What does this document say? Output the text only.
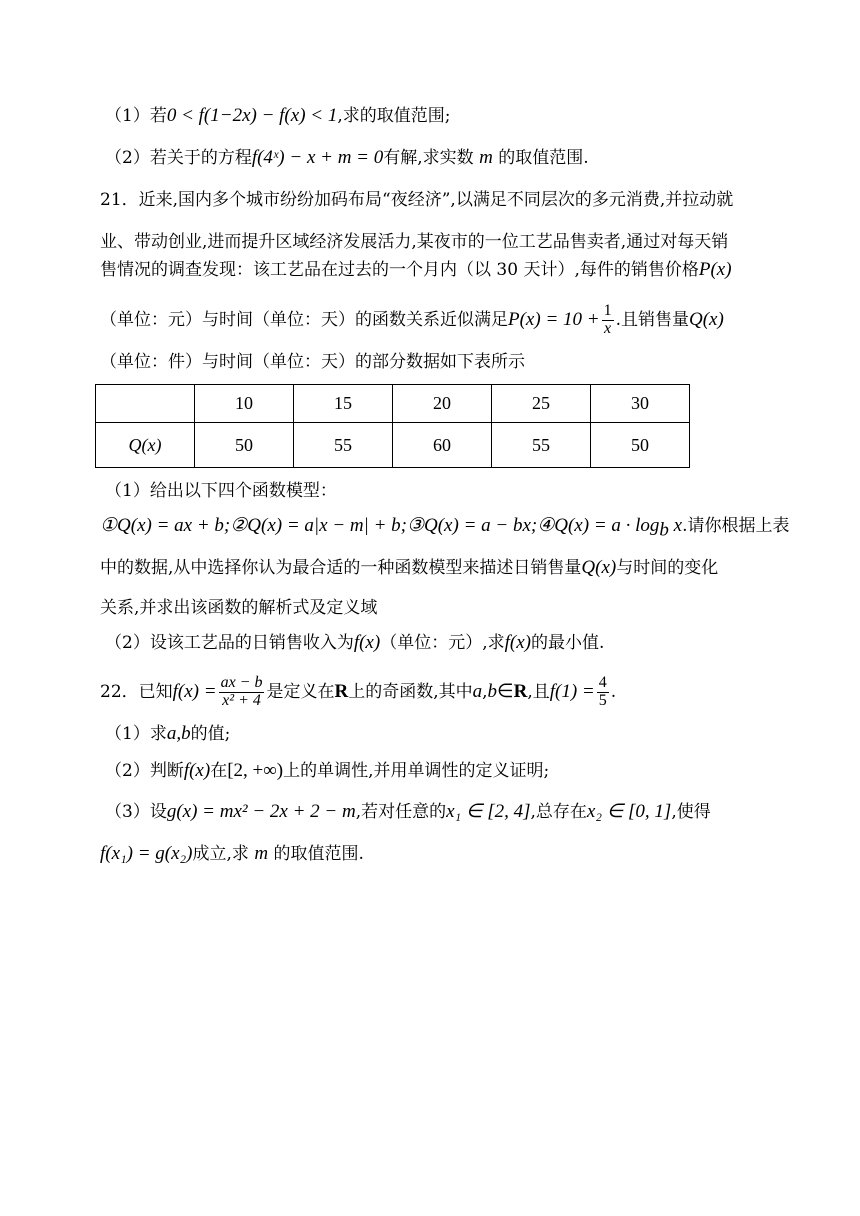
（1）若0 < f(1−2x) − f(x) < 1,求的取值范围;
（2）若关于的方程f(4ˣ) − x + m = 0有解,求实数 m 的取值范围.
21．近来,国内多个城市纷纷加码布局“夜经济”,以满足不同层次的多元消费,并拉动就
业、带动创业,进而提升区域经济发展活力,某夜市的一位工艺品售卖者,通过对每天销
售情况的调查发现：该工艺品在过去的一个月内（以 30 天计）,每件的销售价格P(x)
（单位：元）与时间（单位：天）的函数关系近似满足$P(x) = 10 + \frac{1}{x}$ .且销售量Q(x)
（单位：件）与时间（单位：天）的部分数据如下表所示
	10	15	20	25	30
Q(x)	50	55	60	55	50
（1）给出以下四个函数模型：
①Q(x) = ax + b;②Q(x) = a|x − m| + b;③Q(x) = a − bx;④Q(x) = $a \cdot \log_b x$.请你根据上表
中的数据,从中选择你认为最合适的一种函数模型来描述日销售量Q(x)与时间的变化
关系,并求出该函数的解析式及定义域
（2）设该工艺品的日销售收入为f(x)（单位：元）,求f(x)的最小值.
22．已知$f(x) = \frac{ax - b}{\text{x² + 4}}$ 是定义在R上的奇函数,其中a,b∈R,且$f(1) = \frac{4}{5}$ .
（1）求a,b的值;
（2）判断f(x)在[2, +∞)上的单调性,并用单调性的定义证明;
（3）设g(x) = mx² − 2x + 2 − m,若对任意的x₁ ∈ [2, 4],总存在x₂ ∈ [0, 1],使得
f(x₁) = g(x₂)成立,求 m 的取值范围.
